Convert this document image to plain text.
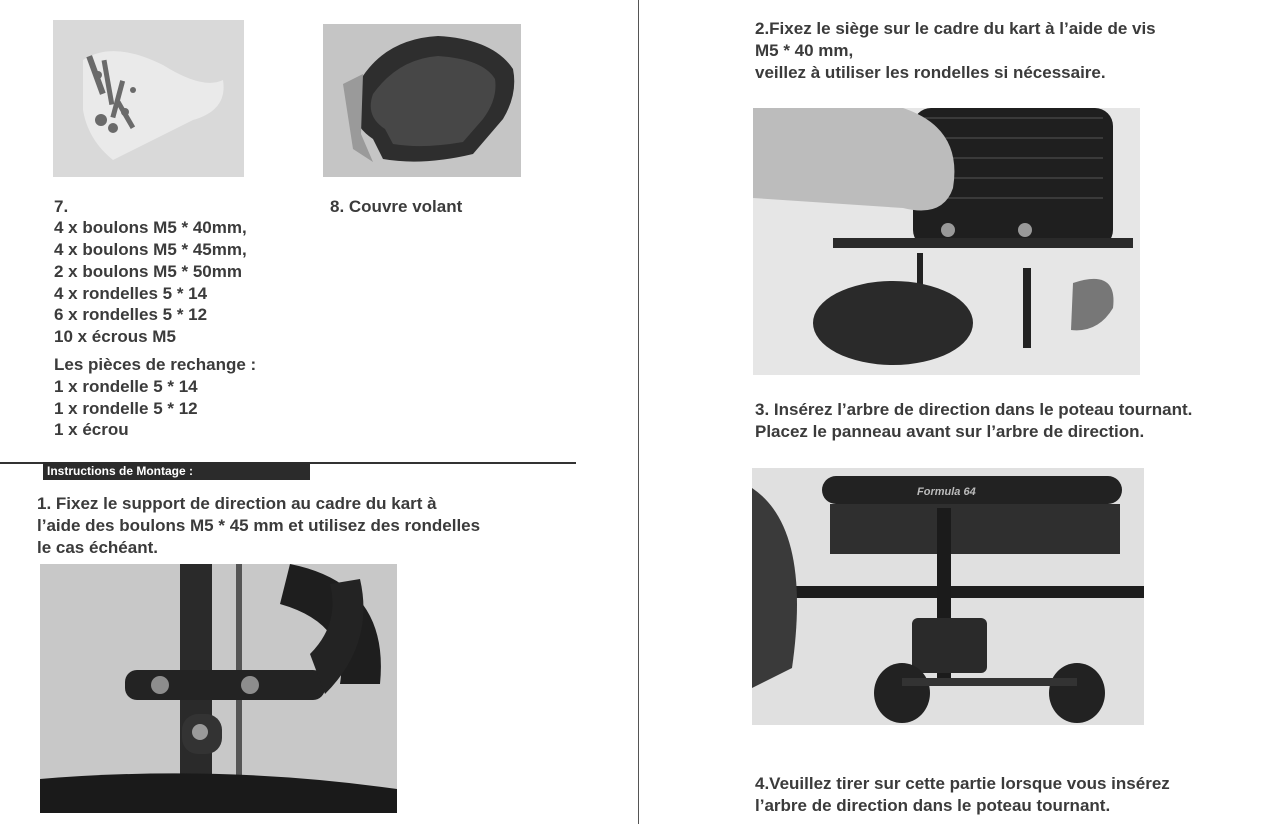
7.
4 x boulons M5 * 40mm,
4 x boulons M5 * 45mm,
2 x boulons M5 * 50mm
4 x rondelles 5 * 14
6 x rondelles 5 * 12
10 x écrous M5
Les pièces de rechange :
1 x rondelle 5 * 14
1 x rondelle 5 * 12
1 x écrou
8. Couvre volant
Instructions de Montage :
1. Fixez le support de direction au cadre du kart à
l’aide des boulons M5 * 45 mm et utilisez des rondelles
le cas échéant.
2.Fixez le siège sur le cadre du kart à l’aide de vis
M5 * 40 mm,
veillez à utiliser les rondelles si nécessaire.
3. Insérez l’arbre de direction dans le poteau tournant.
Placez le panneau avant sur l’arbre de direction.
Formula 64
4.Veuillez tirer sur cette partie lorsque vous insérez
l’arbre de direction dans le poteau tournant.
